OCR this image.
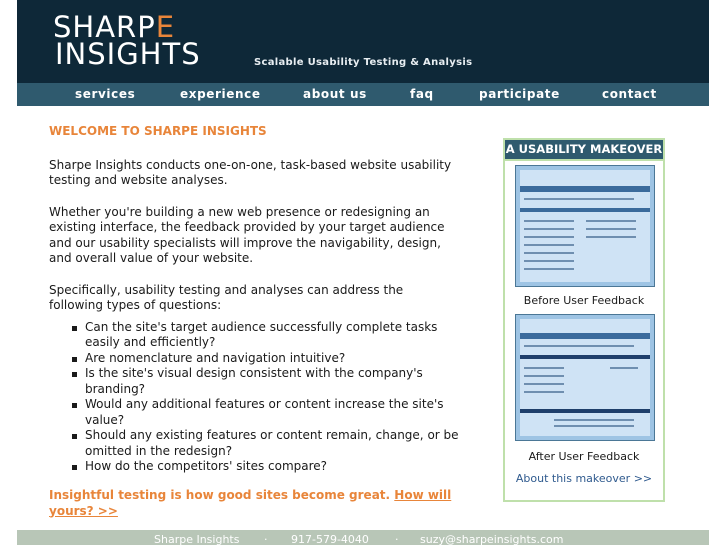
SHARPE
INSIGHTS	Scalable Usability Testing & Analysis
services	experience	about us	faq	participate	contact
WELCOME TO SHARPE INSIGHTS

Sharpe Insights conducts one-on-one, task-based website usability testing and website analyses.

Whether you're building a new web presence or redesigning an existing interface, the feedback provided by your target audience and our usability specialists will improve the navigability, design, and overall value of your website.

Specifically, usability testing and analyses can address the following types of questions:

Can the site's target audience successfully complete tasks easily and efficiently?
Are nomenclature and navigation intuitive?
Is the site's visual design consistent with the company's branding?
Would any additional features or content increase the site's value?
Should any existing features or content remain, change, or be omitted in the redesign?
How do the competitors' sites compare?
Insightful testing is how good sites become great. How will yours? >>
A USABILITY MAKEOVER
Before User Feedback
After User Feedback
About this makeover >>
Sharpe Insights · 917-579-4040 · suzy@sharpeinsights.com
